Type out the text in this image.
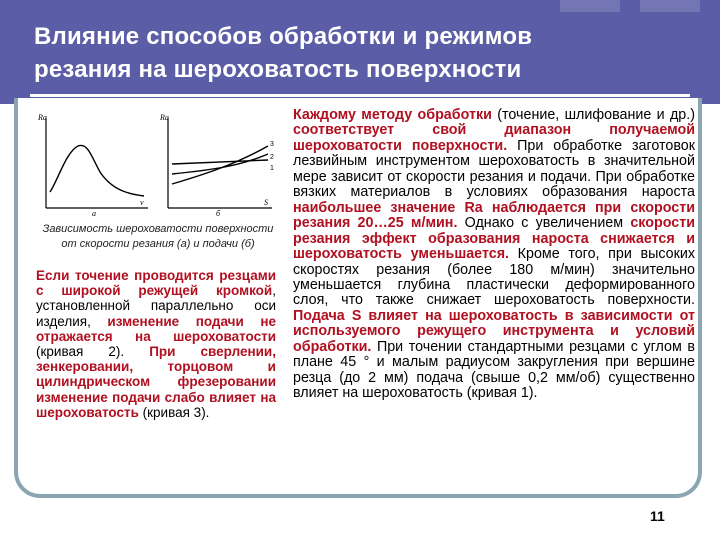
Влияние способов обработки и режимов
резания на шероховатость поверхности
Ra
v
а
Ra
S
3
2
1
б
Зависимость шероховатости поверхности от скорости резания (а) и подачи (б)
Если точение проводится резцами с широкой режущей кромкой, установленной параллельно оси изделия, изменение подачи не отражается на шероховатости (кривая 2). При сверлении, зенкеровании, торцовом и цилиндрическом фрезеровании изменение подачи слабо влияет на шероховатость (кривая 3).
Каждому методу обработки (точение, шлифование и др.) соответствует свой диапазон получаемой шероховатости поверхности. При обработке заготовок лезвийным инструментом шероховатость в значительной мере зависит от скорости резания и подачи. При обработке вязких материалов в условиях образования нароста наибольшее значение Ra наблюдается при скорости резания 20…25 м/мин. Однако с увеличением скорости резания эффект образования нароста снижается и шероховатость уменьшается. Кроме того, при высоких скоростях резания (более 180 м/мин) значительно уменьшается глубина пластически деформированного слоя, что также снижает шероховатость поверхности. Подача S влияет на шероховатость в зависимости от используемого режущего инструмента и условий обработки. При точении стандартными резцами с углом в плане 45 ° и малым радиусом закругления при вершине резца (до 2 мм) подача (свыше 0,2 мм/об) существенно влияет на шероховатость (кривая 1).
11
